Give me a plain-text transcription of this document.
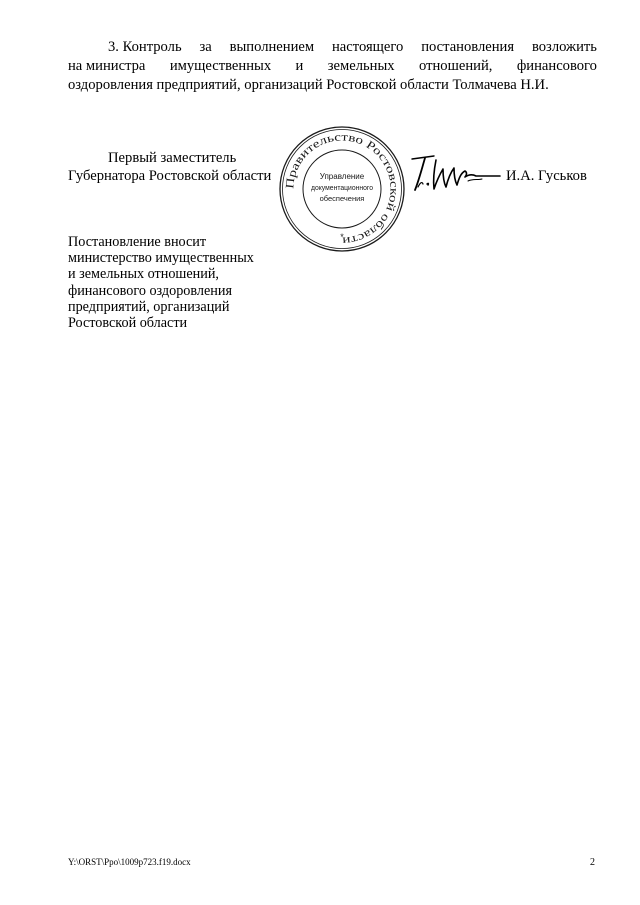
3. Контроль за выполнением настоящего постановления возложить
на министра имущественных и земельных отношений, финансового
оздоровления предприятий, организаций Ростовской области Толмачева Н.И.
Первый заместитель
Губернатора Ростовской области
Правительство Ростовской области
Управление
документационного
обеспечения
*
И.А. Гуськов
Постановление вносит
министерство имущественных
и земельных отношений,
финансового оздоровления
предприятий, организаций
Ростовской области
Y:\ORST\Ppo\1009p723.f19.docx	2
